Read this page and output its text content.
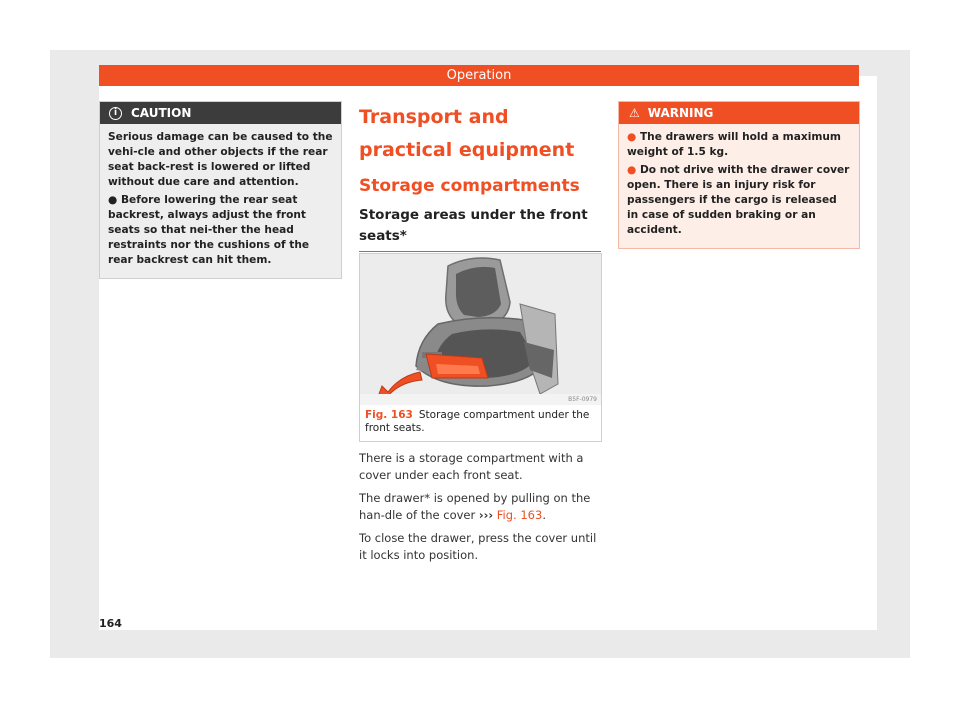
Operation
i	CAUTION

Serious damage can be caused to the vehi-cle and other objects if the rear seat back-rest is lowered or lifted without due care and attention.

● Before lowering the rear seat backrest, always adjust the front seats so that nei-ther the head restraints nor the cushions of the rear backrest can hit them.

Transport and practical equipment
Storage compartments
Storage areas under the front seats*
B5F-0979
Fig. 163 Storage compartment under the front seats.

There is a storage compartment with a cover under each front seat.

The drawer* is opened by pulling on the han-dle of the cover ››› Fig. 163.

To close the drawer, press the cover until it locks into position.

⚠ WARNING

● The drawers will hold a maximum weight of 1.5 kg.

● Do not drive with the drawer cover open. There is an injury risk for passengers if the cargo is released in case of sudden braking or an accident.

164
